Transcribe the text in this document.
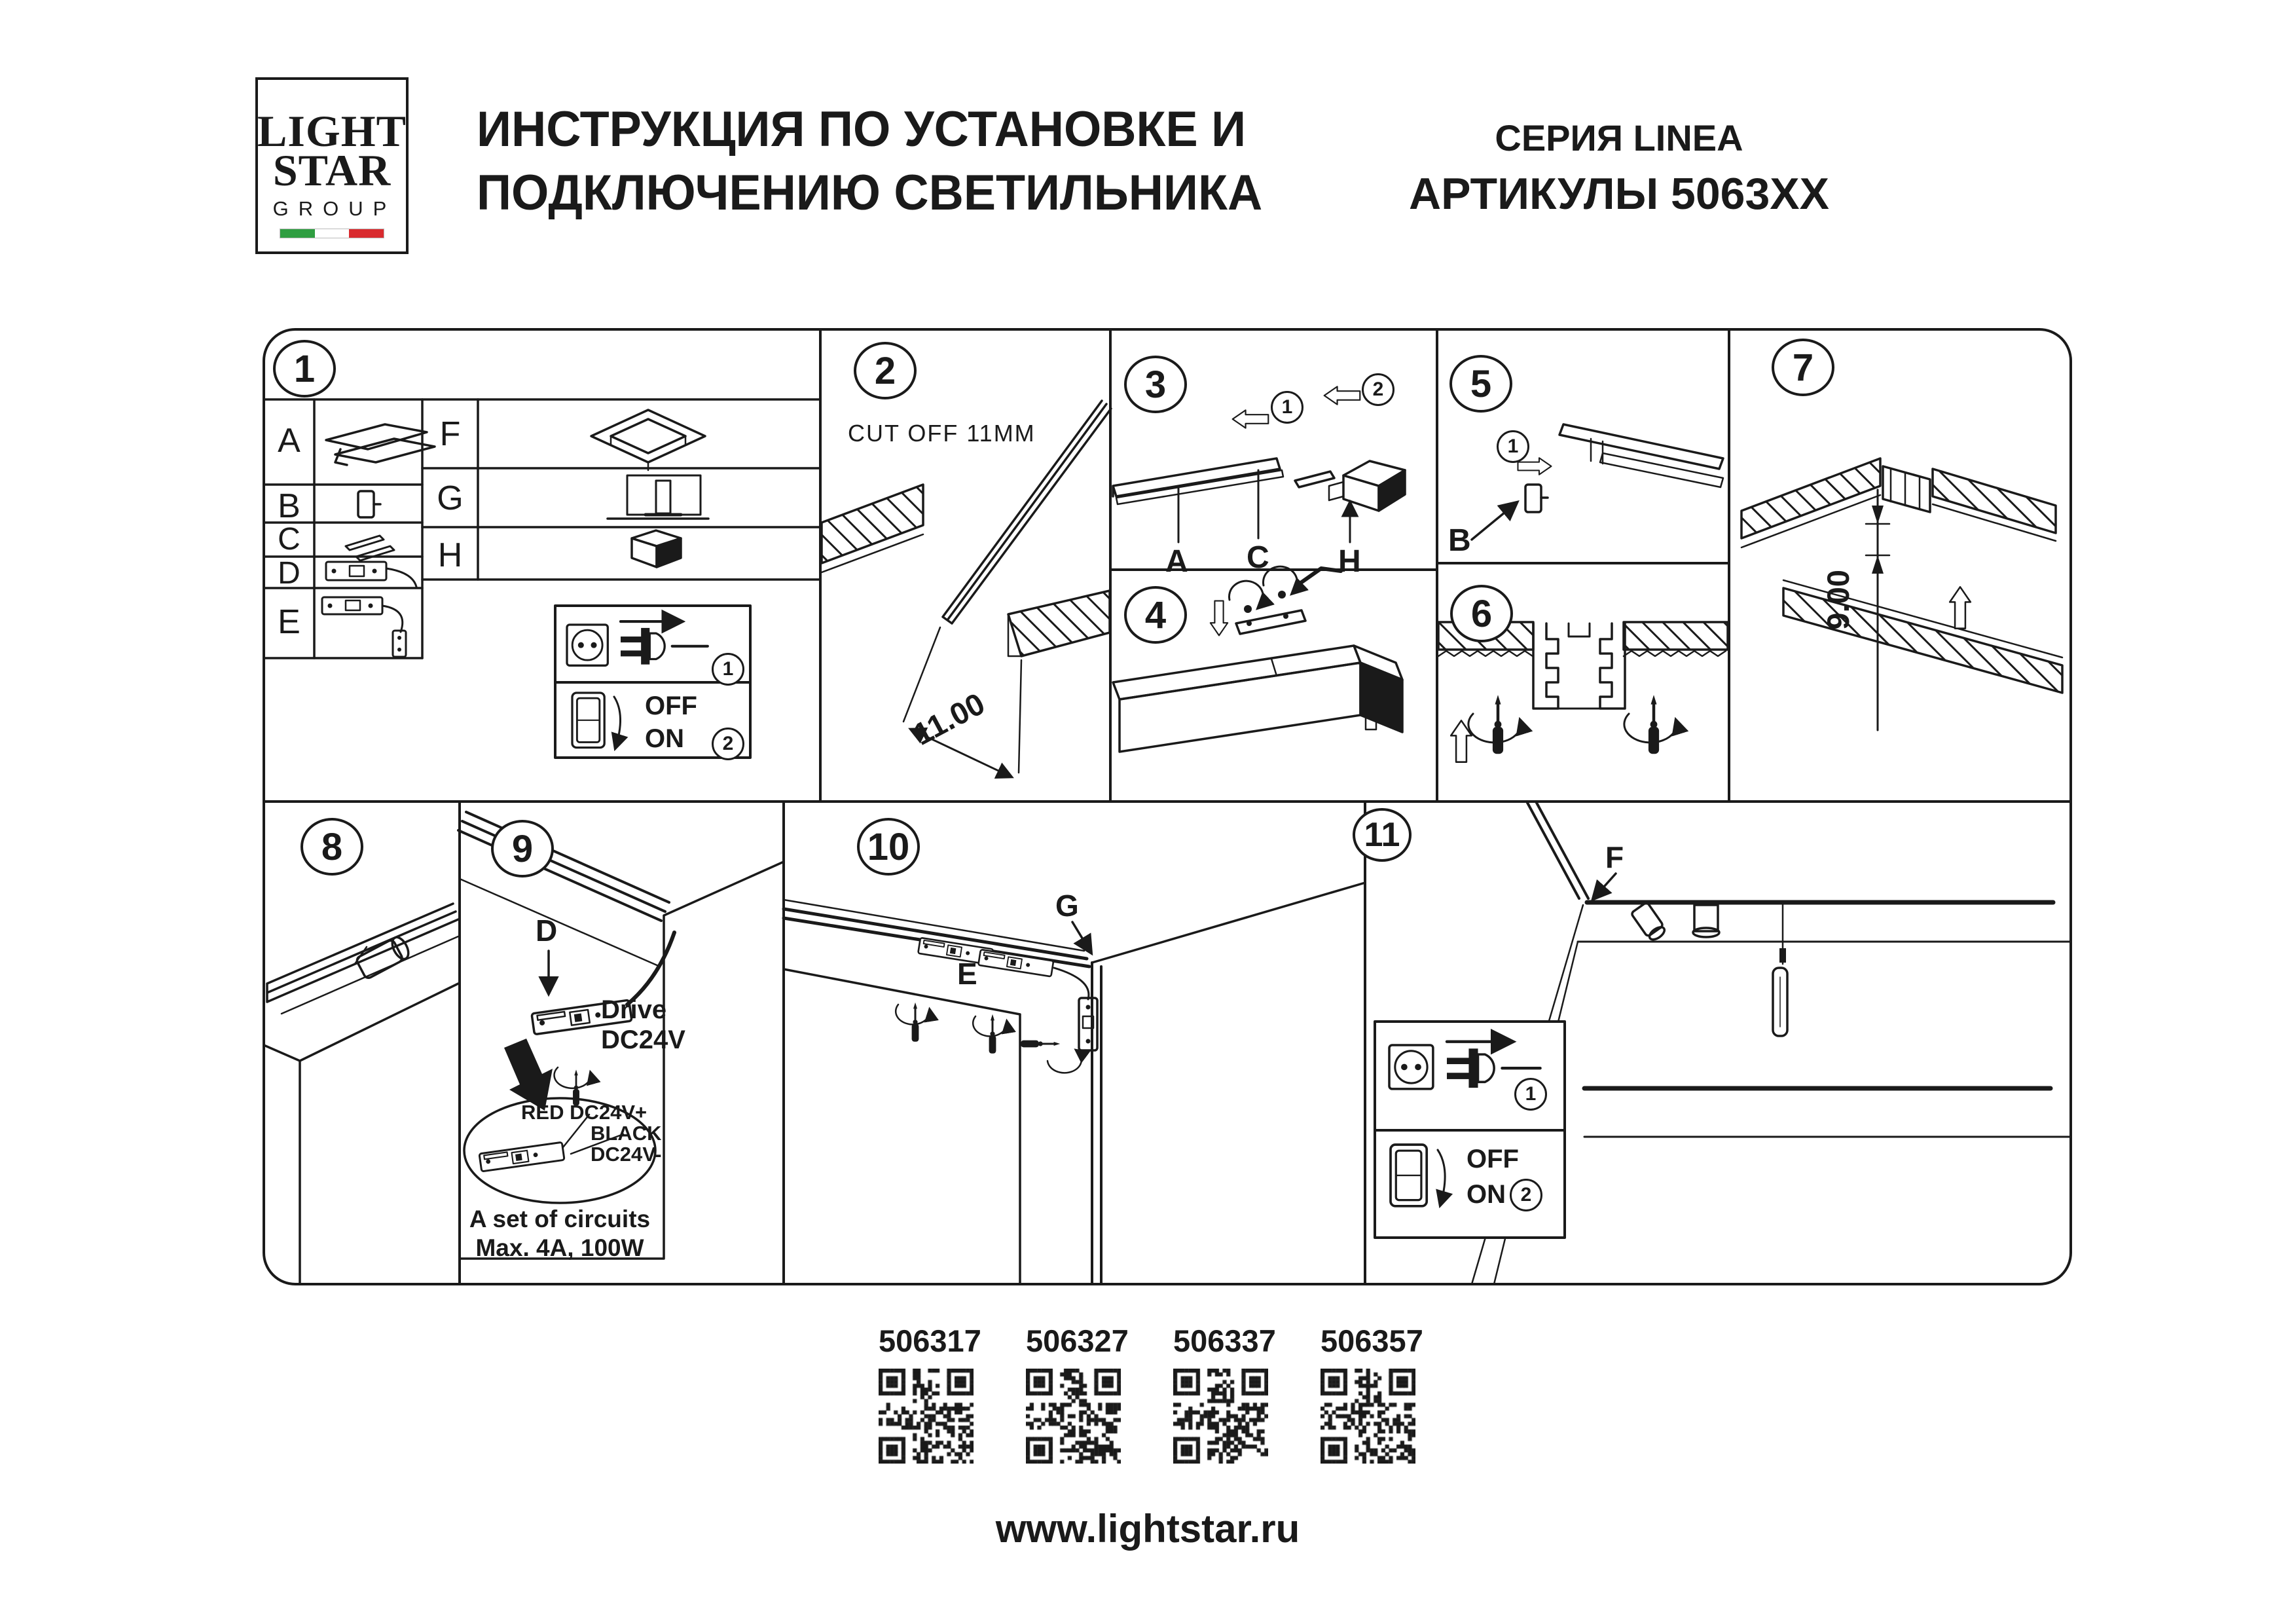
LIGHT
STAR
GROUP
ИНСТРУКЦИЯ ПО УСТАНОВКЕ И
ПОДКЛЮЧЕНИЮ СВЕТИЛЬНИКА
СЕРИЯ LINEA
АРТИКУЛЫ 5063XX
1	2	3
4
5
6
7
8	9	10	11
A
B
C
D
E
F
G
H
1
OFF
ON	2
CUT OFF 11MM
11.00
1
2
A C H
1
B
9.00
D
Drive
DC24V
RED DC24V+
BLACK
DC24V-
A set of circuits
Max. 4A, 100W
E
G
F
1
OFF
ON 2
506317 506327 506337 506357
www.lightstar.ru
